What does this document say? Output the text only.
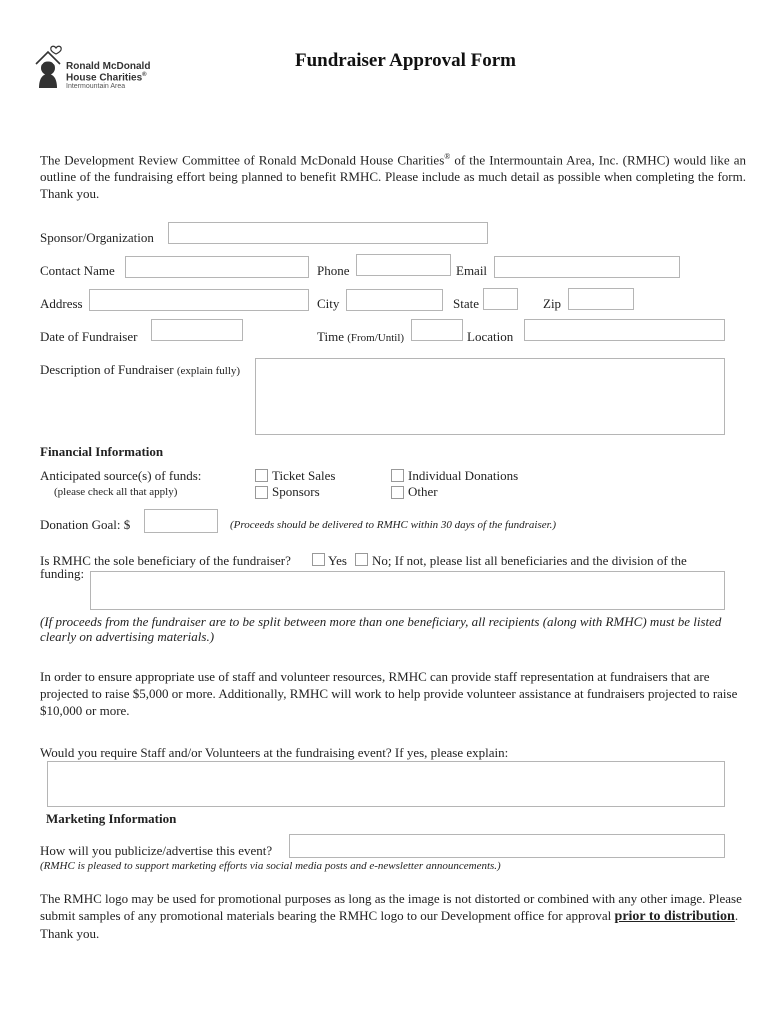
Ronald McDonald
House Charities®
Intermountain Area
Fundraiser Approval Form
The Development Review Committee of Ronald McDonald House Charities® of the Intermountain Area, Inc. (RMHC) would like an outline of the fundraising effort being planned to benefit RMHC. Please include as much detail as possible when completing the form. Thank you.
Sponsor/Organization
Contact Name	Phone	Email
Address	City	State	Zip
Date of Fundraiser	Time (From/Until)	Location
Description of Fundraiser (explain fully)
Financial Information
Anticipated source(s) of funds:
(please check all that apply)
Ticket Sales
Sponsors
Individual Donations
Other
Donation Goal: $	(Proceeds should be delivered to RMHC within 30 days of the fundraiser.)
Is RMHC the sole beneficiary of the fundraiser?	Yes No; If not, please list all beneficiaries and the division of the
funding:
(If proceeds from the fundraiser are to be split between more than one beneficiary, all recipients (along with RMHC) must be listed clearly on advertising materials.)
In order to ensure appropriate use of staff and volunteer resources, RMHC can provide staff representation at fundraisers that are projected to raise $5,000 or more. Additionally, RMHC will work to help provide volunteer assistance at fundraisers projected to raise $10,000 or more.
Would you require Staff and/or Volunteers at the fundraising event? If yes, please explain:
Marketing Information
How will you publicize/advertise this event?
(RMHC is pleased to support marketing efforts via social media posts and e-newsletter announcements.)
The RMHC logo may be used for promotional purposes as long as the image is not distorted or combined with any other image. Please submit samples of any promotional materials bearing the RMHC logo to our Development office for approval prior to distribution. Thank you.
